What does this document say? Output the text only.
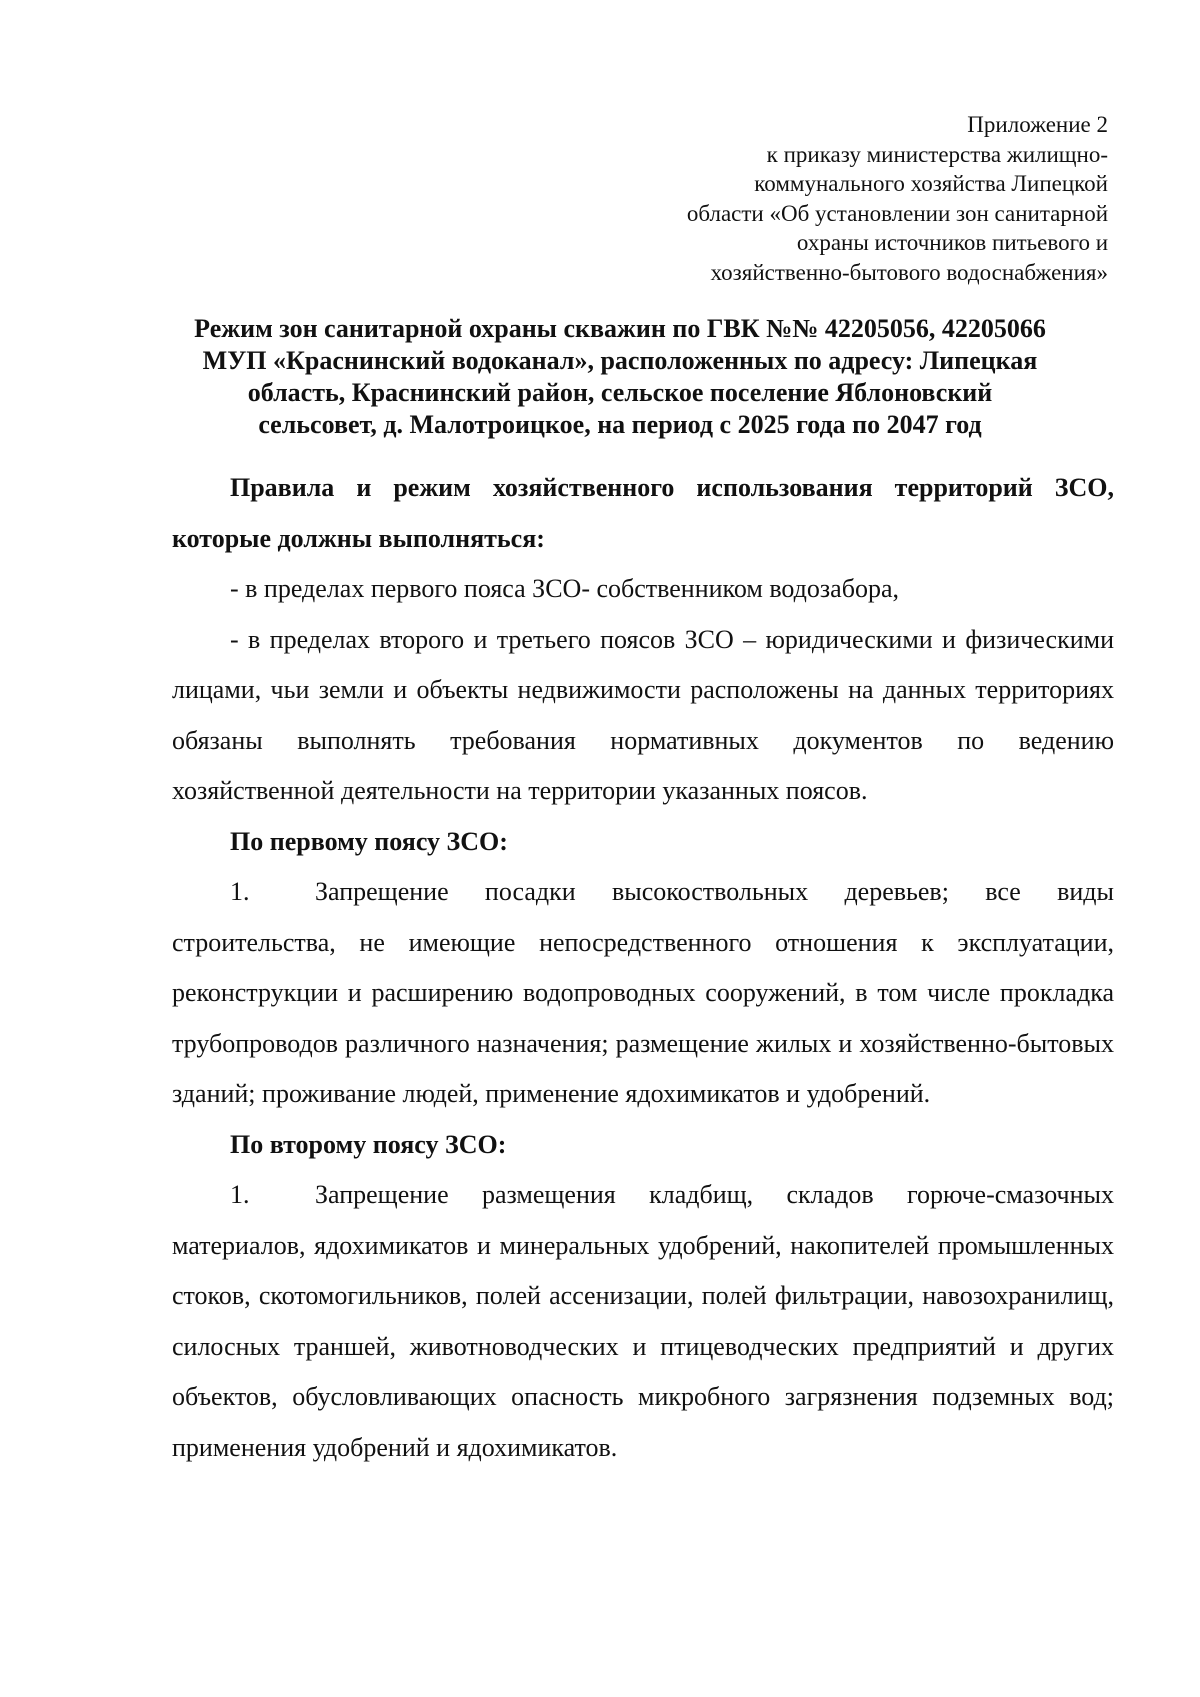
Приложение 2
к приказу министерства жилищно-
коммунального хозяйства Липецкой
области «Об установлении зон санитарной
охраны источников питьевого и
хозяйственно-бытового водоснабжения»
Режим зон санитарной охраны скважин по ГВК №№ 42205056, 42205066
МУП «Краснинский водоканал», расположенных по адресу: Липецкая
область, Краснинский район, сельское поселение Яблоновский
сельсовет, д. Малотроицкое, на период с 2025 года по 2047 год

Правила и режим хозяйственного использования территорий ЗСО, которые должны выполняться:

- в пределах первого пояса ЗСО- собственником водозабора,

- в пределах второго и третьего поясов ЗСО – юридическими и физическими лицами, чьи земли и объекты недвижимости расположены на данных территориях обязаны выполнять требования нормативных документов по ведению хозяйственной деятельности на территории указанных поясов.

По первому поясу ЗСО:

1.	Запрещение посадки высокоствольных деревьев; все виды строительства, не имеющие непосредственного отношения к эксплуатации, реконструкции и расширению водопроводных сооружений, в том числе прокладка трубопроводов различного назначения; размещение жилых и хозяйственно-бытовых зданий; проживание людей, применение ядохимикатов и удобрений.

По второму поясу ЗСО:

1.	Запрещение размещения кладбищ, складов горюче-смазочных материалов, ядохимикатов и минеральных удобрений, накопителей промышленных стоков, скотомогильников, полей ассенизации, полей фильтрации, навозохранилищ, силосных траншей, животноводческих и птицеводческих предприятий и других объектов, обусловливающих опасность микробного загрязнения подземных вод; применения удобрений и ядохимикатов.
